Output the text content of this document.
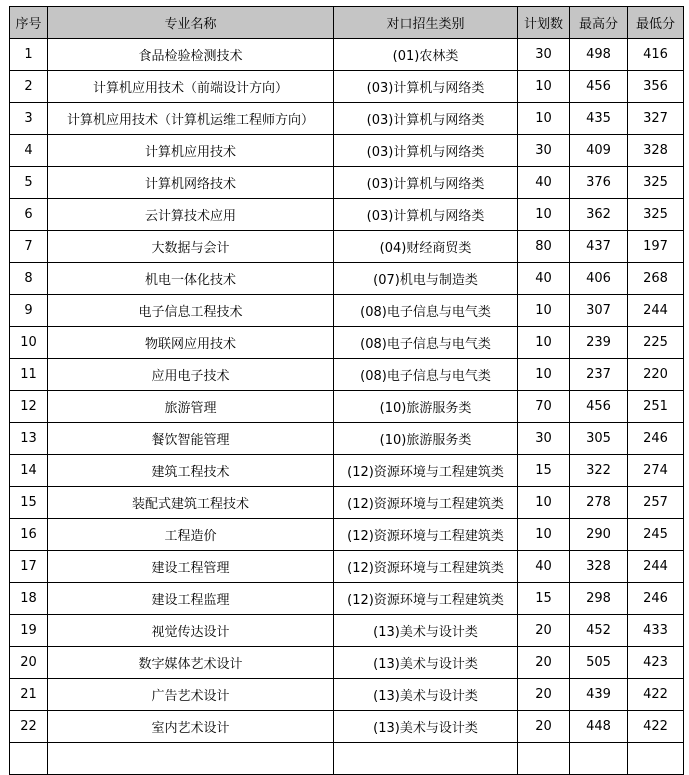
序号	专业名称	对口招生类别	计划数	最高分	最低分
1	食品检验检测技术	(01)农林类	30	498	416
2	计算机应用技术（前端设计方向）	(03)计算机与网络类	10	456	356
3	计算机应用技术（计算机运维工程师方向）	(03)计算机与网络类	10	435	327
4	计算机应用技术	(03)计算机与网络类	30	409	328
5	计算机网络技术	(03)计算机与网络类	40	376	325
6	云计算技术应用	(03)计算机与网络类	10	362	325
7	大数据与会计	(04)财经商贸类	80	437	197
8	机电一体化技术	(07)机电与制造类	40	406	268
9	电子信息工程技术	(08)电子信息与电气类	10	307	244
10	物联网应用技术	(08)电子信息与电气类	10	239	225
11	应用电子技术	(08)电子信息与电气类	10	237	220
12	旅游管理	(10)旅游服务类	70	456	251
13	餐饮智能管理	(10)旅游服务类	30	305	246
14	建筑工程技术	(12)资源环境与工程建筑类	15	322	274
15	装配式建筑工程技术	(12)资源环境与工程建筑类	10	278	257
16	工程造价	(12)资源环境与工程建筑类	10	290	245
17	建设工程管理	(12)资源环境与工程建筑类	40	328	244
18	建设工程监理	(12)资源环境与工程建筑类	15	298	246
19	视觉传达设计	(13)美术与设计类	20	452	433
20	数字媒体艺术设计	(13)美术与设计类	20	505	423
21	广告艺术设计	(13)美术与设计类	20	439	422
22	室内艺术设计	(13)美术与设计类	20	448	422
